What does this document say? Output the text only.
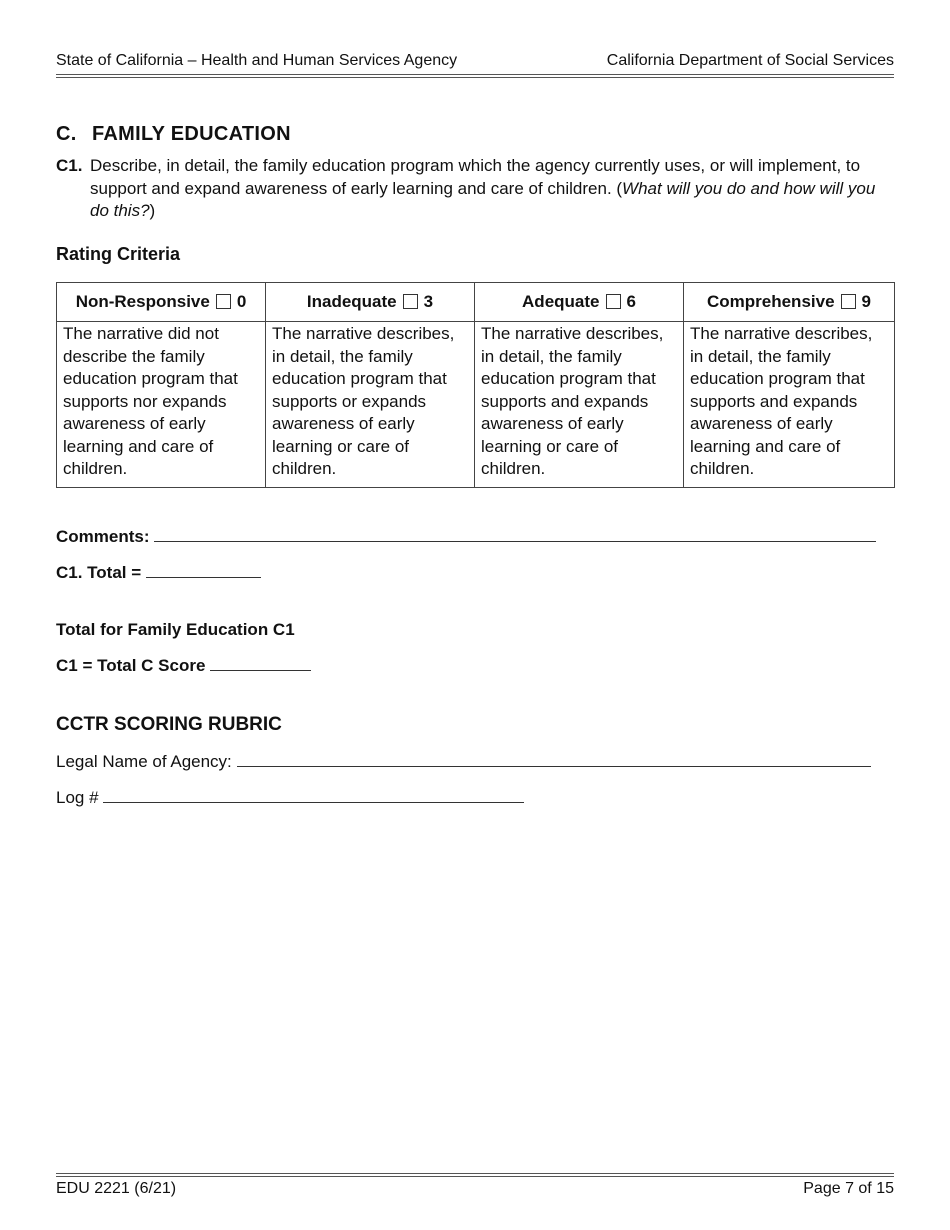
State of California – Health and Human Services Agency	California Department of Social Services
C. FAMILY EDUCATION
C1. Describe, in detail, the family education program which the agency currently uses, or will implement, to support and expand awareness of early learning and care of children. (What will you do and how will you do this?)
Rating Criteria
Non-Responsive 0	Inadequate 3	Adequate 6	Comprehensive 9
The narrative did not describe the family education program that supports nor expands awareness of early learning and care of children.	The narrative describes, in detail, the family education program that supports or expands awareness of early learning or care of children.	The narrative describes, in detail, the family education program that supports and expands awareness of early learning or care of children.	The narrative describes, in detail, the family education program that supports and expands awareness of early learning and care of children.
Comments:
C1. Total =
Total for Family Education C1
C1 = Total C Score
CCTR SCORING RUBRIC
Legal Name of Agency:
Log #
EDU 2221 (6/21)	Page 7 of 15
